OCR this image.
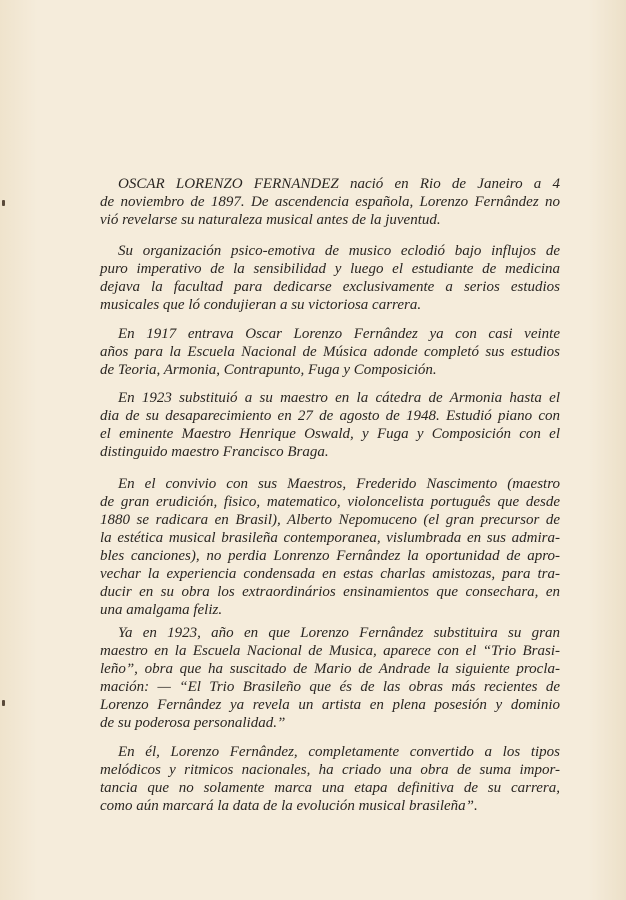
OSCAR LORENZO FERNANDEZ nació en Rio de Janeiro a 4
de noviembro de 1897. De ascendencia española, Lorenzo Fernândez no
vió revelarse su naturaleza musical antes de la juventud.
Su organización psico-emotiva de musico eclodió bajo influjos de
puro imperativo de la sensibilidad y luego el estudiante de medicina
dejava la facultad para dedicarse exclusivamente a serios estudios
musicales que ló condujieran a su victoriosa carrera.
En 1917 entrava Oscar Lorenzo Fernândez ya con casi veinte
años para la Escuela Nacional de Música adonde completó sus estudios
de Teoria, Armonia, Contrapunto, Fuga y Composición.
En 1923 substituió a su maestro en la cátedra de Armonia hasta el
dia de su desaparecimiento en 27 de agosto de 1948. Estudió piano con
el eminente Maestro Henrique Oswald, y Fuga y Composición con el
distinguido maestro Francisco Braga.
En el convivio con sus Maestros, Frederido Nascimento (maestro
de gran erudición, fisico, matematico, violoncelista português que desde
1880 se radicara en Brasil), Alberto Nepomuceno (el gran precursor de
la estética musical brasileña contemporanea, vislumbrada en sus admira-
bles canciones), no perdia Lonrenzo Fernândez la oportunidad de apro-
vechar la experiencia condensada en estas charlas amistozas, para tra-
ducir en su obra los extraordinários ensinamientos que consechara, en
una amalgama feliz.
Ya en 1923, año en que Lorenzo Fernândez substituira su gran
maestro en la Escuela Nacional de Musica, aparece con el “Trio Brasi-
leño”, obra que ha suscitado de Mario de Andrade la siguiente procla-
mación: — “El Trio Brasileño que és de las obras más recientes de
Lorenzo Fernândez ya revela un artista en plena posesión y dominio
de su poderosa personalidad.”
En él, Lorenzo Fernândez, completamente convertido a los tipos
melódicos y ritmicos nacionales, ha criado una obra de suma impor-
tancia que no solamente marca una etapa definitiva de su carrera,
como aún marcará la data de la evolución musical brasileña”.
